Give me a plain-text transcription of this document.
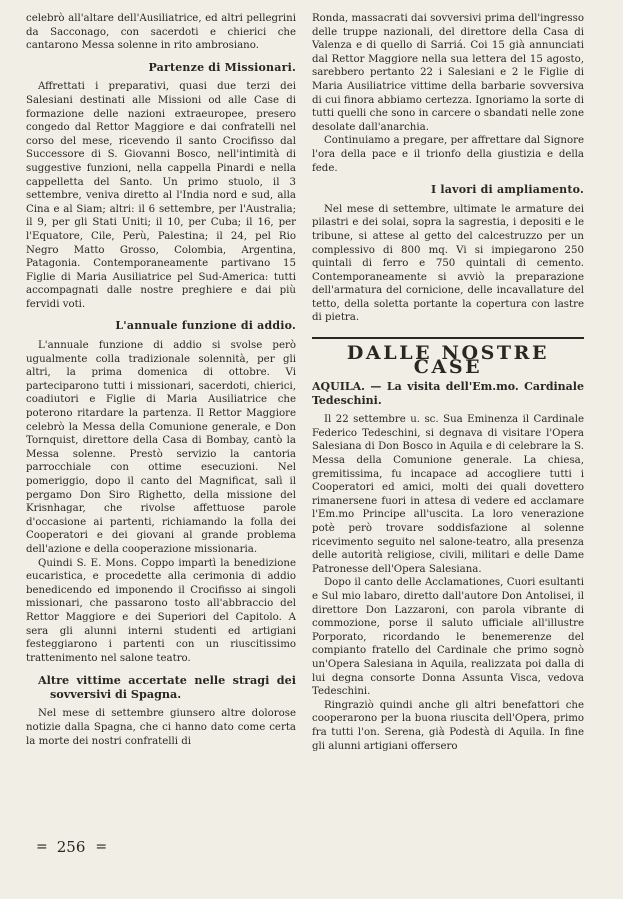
celebrò all'altare dell'Ausiliatrice, ed altri pellegrini da Sacconago, con sacerdoti e chierici che cantarono Messa solenne in rito ambrosiano.

Partenze di Missionari.

Affrettati i preparativi, quasi due terzi dei Salesiani destinati alle Missioni od alle Case di formazione delle nazioni extraeuropee, presero congedo dal Rettor Maggiore e dai confratelli nel corso del mese, ricevendo il santo Crocifisso dal Successore di S. Giovanni Bosco, nell'intimità di suggestive funzioni, nella cappella Pinardi e nella cappelletta del Santo. Un primo stuolo, il 3 settembre, veniva diretto al l'India nord e sud, alla Cina e al Siam; altri: il 6 settembre, per l'Australia; il 9, per gli Stati Uniti; il 10, per Cuba; il 16, per l'Equatore, Cile, Perù, Palestina; il 24, pel Rio Negro Matto Grosso, Colombia, Argentina, Patagonia. Contemporaneamente partivano 15 Figlie di Maria Ausiliatrice pel Sud-America: tutti accompagnati dalle nostre preghiere e dai più fervidi voti.

L'annuale funzione di addio.

L'annuale funzione di addio si svolse però ugualmente colla tradizionale solennità, per gli altri, la prima domenica di ottobre. Vi parteciparono tutti i missionari, sacerdoti, chierici, coadiutori e Figlie di Maria Ausiliatrice che poterono ritardare la partenza. Il Rettor Maggiore celebrò la Messa della Comunione generale, e Don Tornquist, direttore della Casa di Bombay, cantò la Messa solenne. Prestò servizio la cantoria parrocchiale con ottime esecuzioni. Nel pomeriggio, dopo il canto del Magnificat, salì il pergamo Don Siro Righetto, della missione del Krisnhagar, che rivolse affettuose parole d'occasione ai partenti, richiamando la folla dei Cooperatori e dei giovani al grande problema dell'azione e della cooperazione missionaria.

Quindi S. E. Mons. Coppo impartì la benedizione eucaristica, e procedette alla cerimonia di addio benedicendo ed imponendo il Crocifisso ai singoli missionari, che passarono tosto all'abbraccio del Rettor Maggiore e dei Superiori del Capitolo. A sera gli alunni interni studenti ed artigiani festeggiarono i partenti con un riuscitissimo trattenimento nel salone teatro.

Altre vittime accertate nelle stragi dei sovversivi di Spagna.

Nel mese di settembre giunsero altre dolorose notizie dalla Spagna, che ci hanno dato come certa la morte dei nostri confratelli di

Ronda, massacrati dai sovversivi prima dell'ingresso delle truppe nazionali, del direttore della Casa di Valenza e di quello di Sarriá. Coi 15 già annunciati dal Rettor Maggiore nella sua lettera del 15 agosto, sarebbero pertanto 22 i Salesiani e 2 le Figlie di Maria Ausiliatrice vittime della barbarie sovversiva di cui finora abbiamo certezza. Ignoriamo la sorte di tutti quelli che sono in carcere o sbandati nelle zone desolate dall'anarchia.

Continuiamo a pregare, per affrettare dal Signore l'ora della pace e il trionfo della giustizia e della fede.

I lavori di ampliamento.

Nel mese di settembre, ultimate le armature dei pilastri e dei solai, sopra la sagrestia, i depositi e le tribune, si attese al getto del calcestruzzo per un complessivo di 800 mq. Vi si impiegarono 250 quintali di ferro e 750 quintali di cemento. Contemporaneamente si avviò la preparazione dell'armatura del cornicione, delle incavallature del tetto, della soletta portante la copertura con lastre di pietra.

DALLE NOSTRE CASE
AQUILA. — La visita dell'Em.mo. Cardinale Tedeschini.

Il 22 settembre u. sc. Sua Eminenza il Cardinale Federico Tedeschini, si degnava di visitare l'Opera Salesiana di Don Bosco in Aquila e di celebrare la S. Messa della Comunione generale. La chiesa, gremitissima, fu incapace ad accogliere tutti i Cooperatori ed amici, molti dei quali dovettero rimanersene fuori in attesa di vedere ed acclamare l'Em.mo Principe all'uscita. La loro venerazione potè però trovare soddisfazione al solenne ricevimento seguito nel salone-teatro, alla presenza delle autorità religiose, civili, militari e delle Dame Patronesse dell'Opera Salesiana.

Dopo il canto delle Acclamationes, Cuori esultanti e Sul mio labaro, diretto dall'autore Don Antolisei, il direttore Don Lazzaroni, con parola vibrante di commozione, porse il saluto ufficiale all'illustre Porporato, ricordando le benemerenze del compianto fratello del Cardinale che primo sognò un'Opera Salesiana in Aquila, realizzata poi dalla di lui degna consorte Donna Assunta Visca, vedova Tedeschini.

Ringraziò quindi anche gli altri benefattori che cooperarono per la buona riuscita dell'Opera, primo fra tutti l'on. Serena, già Podestà di Aquila. In fine gli alunni artigiani offersero

= 256 =
